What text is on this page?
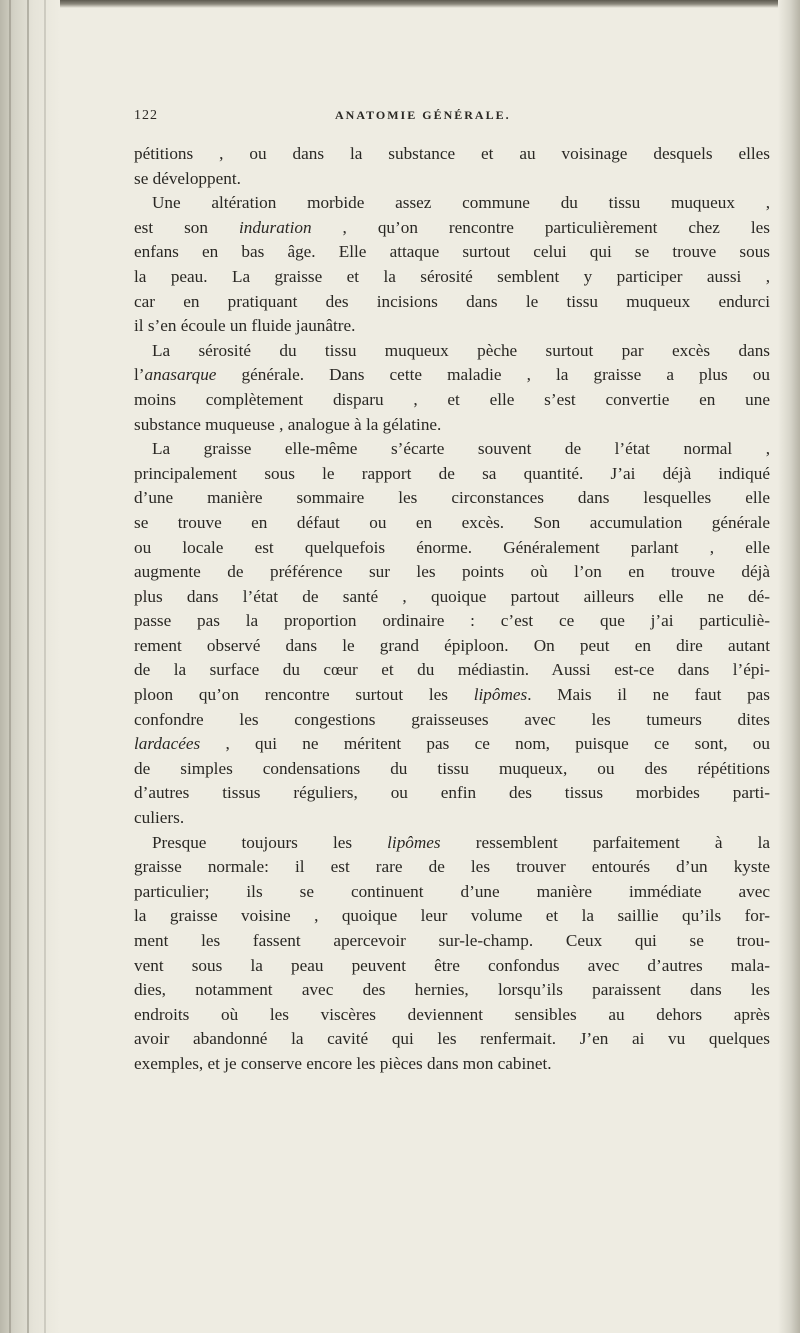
122	ANATOMIE GÉNÉRALE.
pétitions , ou dans la substance et au voisinage desquels elles
se développent.
Une altération morbide assez commune du tissu muqueux ,
est son induration , qu’on rencontre particulièrement chez les
enfans en bas âge. Elle attaque surtout celui qui se trouve sous
la peau. La graisse et la sérosité semblent y participer aussi ,
car en pratiquant des incisions dans le tissu muqueux endurci
il s’en écoule un fluide jaunâtre.
La sérosité du tissu muqueux pèche surtout par excès dans
l’anasarque générale. Dans cette maladie , la graisse a plus ou
moins complètement disparu , et elle s’est convertie en une
substance muqueuse , analogue à la gélatine.
La graisse elle-même s’écarte souvent de l’état normal ,
principalement sous le rapport de sa quantité. J’ai déjà indiqué
d’une manière sommaire les circonstances dans lesquelles elle
se trouve en défaut ou en excès. Son accumulation générale
ou locale est quelquefois énorme. Généralement parlant , elle
augmente de préférence sur les points où l’on en trouve déjà
plus dans l’état de santé , quoique partout ailleurs elle ne dé-
passe pas la proportion ordinaire : c’est ce que j’ai particuliè-
rement observé dans le grand épiploon. On peut en dire autant
de la surface du cœur et du médiastin. Aussi est-ce dans l’épi-
ploon qu’on rencontre surtout les lipômes. Mais il ne faut pas
confondre les congestions graisseuses avec les tumeurs dites
lardacées , qui ne méritent pas ce nom, puisque ce sont, ou
de simples condensations du tissu muqueux, ou des répétitions
d’autres tissus réguliers, ou enfin des tissus morbides parti-
culiers.
Presque toujours les lipômes ressemblent parfaitement à la
graisse normale: il est rare de les trouver entourés d’un kyste
particulier; ils se continuent d’une manière immédiate avec
la graisse voisine , quoique leur volume et la saillie qu’ils for-
ment les fassent apercevoir sur-le-champ. Ceux qui se trou-
vent sous la peau peuvent être confondus avec d’autres mala-
dies, notamment avec des hernies, lorsqu’ils paraissent dans les
endroits où les viscères deviennent sensibles au dehors après
avoir abandonné la cavité qui les renfermait. J’en ai vu quelques
exemples, et je conserve encore les pièces dans mon cabinet.
